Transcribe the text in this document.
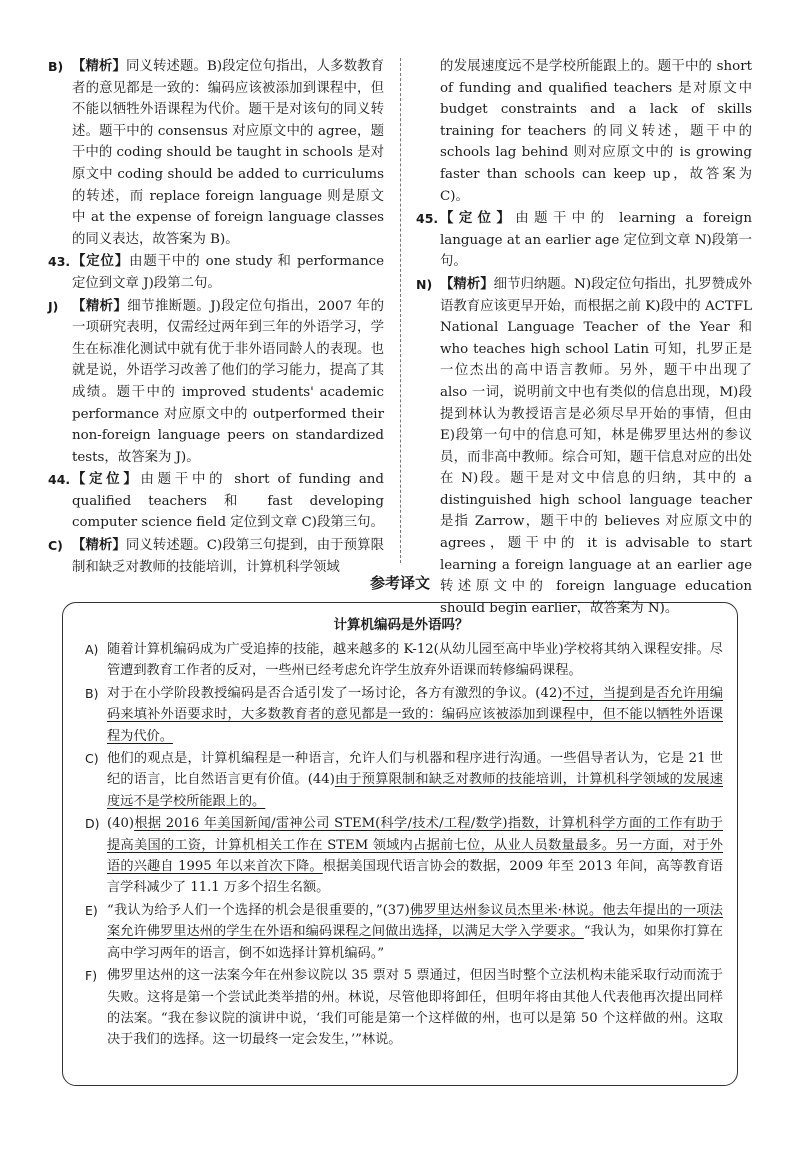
B) 【精析】同义转述题。B)段定位句指出，人多数教育者的意见都是一致的：编码应该被添加到课程中，但不能以牺牲外语课程为代价。题干是对该句的同义转述。题干中的 consensus 对应原文中的 agree，题干中的 coding should be taught in schools 是对原文中 coding should be added to curriculums 的转述，而 replace foreign language 则是原文中 at the expense of foreign language classes 的同义表达，故答案为 B)。
43. 【定位】由题干中的 one study 和 performance 定位到文章 J)段第二句。
J)	【精析】细节推断题。J)段定位句指出，2007 年的一项研究表明，仅需经过两年到三年的外语学习，学生在标准化测试中就有优于非外语同龄人的表现。也就是说，外语学习改善了他们的学习能力，提高了其成绩。题干中的 improved students' academic performance 对应原文中的 outperformed their non-foreign language peers on standardized tests，故答案为 J)。
44. 【定位】由题干中的 short of funding and qualified teachers 和 fast developing computer science field 定位到文章 C)段第三句。
C) 【精析】同义转述题。C)段第三句提到，由于预算限制和缺乏对教师的技能培训，计算机科学领域
的发展速度远不是学校所能跟上的。题干中的 short of funding and qualified teachers 是对原文中 budget constraints and a lack of skills training for teachers 的同义转述，题干中的 schools lag behind 则对应原文中的 is growing faster than schools can keep up，故答案为 C)。
45. 【定位】由题干中的 learning a foreign language at an earlier age 定位到文章 N)段第一句。
N) 【精析】细节归纳题。N)段定位句指出，扎罗赞成外语教育应该更早开始，而根据之前 K)段中的 ACTFL National Language Teacher of the Year 和 who teaches high school Latin 可知，扎罗正是一位杰出的高中语言教师。另外，题干中出现了 also 一词，说明前文中也有类似的信息出现，M)段提到林认为教授语言是必须尽早开始的事情，但由 E)段第一句中的信息可知，林是佛罗里达州的参议员，而非高中教师。综合可知，题干信息对应的出处在 N)段。题干是对文中信息的归纳，其中的 a distinguished high school language teacher 是指 Zarrow，题干中的 believes 对应原文中的 agrees，题干中的 it is advisable to start learning a foreign language at an earlier age 转述原文中的 foreign language education should begin earlier，故答案为 N)。
参考译文
计算机编码是外语吗？
A) 随着计算机编码成为广受追捧的技能，越来越多的 K-12(从幼儿园至高中毕业)学校将其纳入课程安排。尽管遭到教育工作者的反对，一些州已经考虑允许学生放弃外语课而转修编码课程。
B) 对于在小学阶段教授编码是否合适引发了一场讨论，各方有激烈的争议。(42)不过，当提到是否允许用编码来填补外语要求时，大多数教育者的意见都是一致的：编码应该被添加到课程中，但不能以牺牲外语课程为代价。
C) 他们的观点是，计算机编程是一种语言，允许人们与机器和程序进行沟通。一些倡导者认为，它是 21 世纪的语言，比自然语言更有价值。(44)由于预算限制和缺乏对教师的技能培训，计算机科学领域的发展速度远不是学校所能跟上的。
D) (40)根据 2016 年美国新闻/雷神公司 STEM(科学/技术/工程/数学)指数，计算机科学方面的工作有助于提高美国的工资，计算机相关工作在 STEM 领域内占据前七位，从业人员数量最多。另一方面，对于外语的兴趣自 1995 年以来首次下降。根据美国现代语言协会的数据，2009 年至 2013 年间，高等教育语言学科减少了 11.1 万多个招生名额。
E) “我认为给予人们一个选择的机会是很重要的，”(37)佛罗里达州参议员杰里米·林说。他去年提出的一项法案允许佛罗里达州的学生在外语和编码课程之间做出选择，以满足大学入学要求。“我认为，如果你打算在高中学习两年的语言，倒不如选择计算机编码。”
F) 佛罗里达州的这一法案今年在州参议院以 35 票对 5 票通过，但因当时整个立法机构未能采取行动而流于失败。这将是第一个尝试此类举措的州。林说，尽管他即将卸任，但明年将由其他人代表他再次提出同样的法案。“我在参议院的演讲中说，‘我们可能是第一个这样做的州，也可以是第 50 个这样做的州。这取决于我们的选择。这一切最终一定会发生，’”林说。
